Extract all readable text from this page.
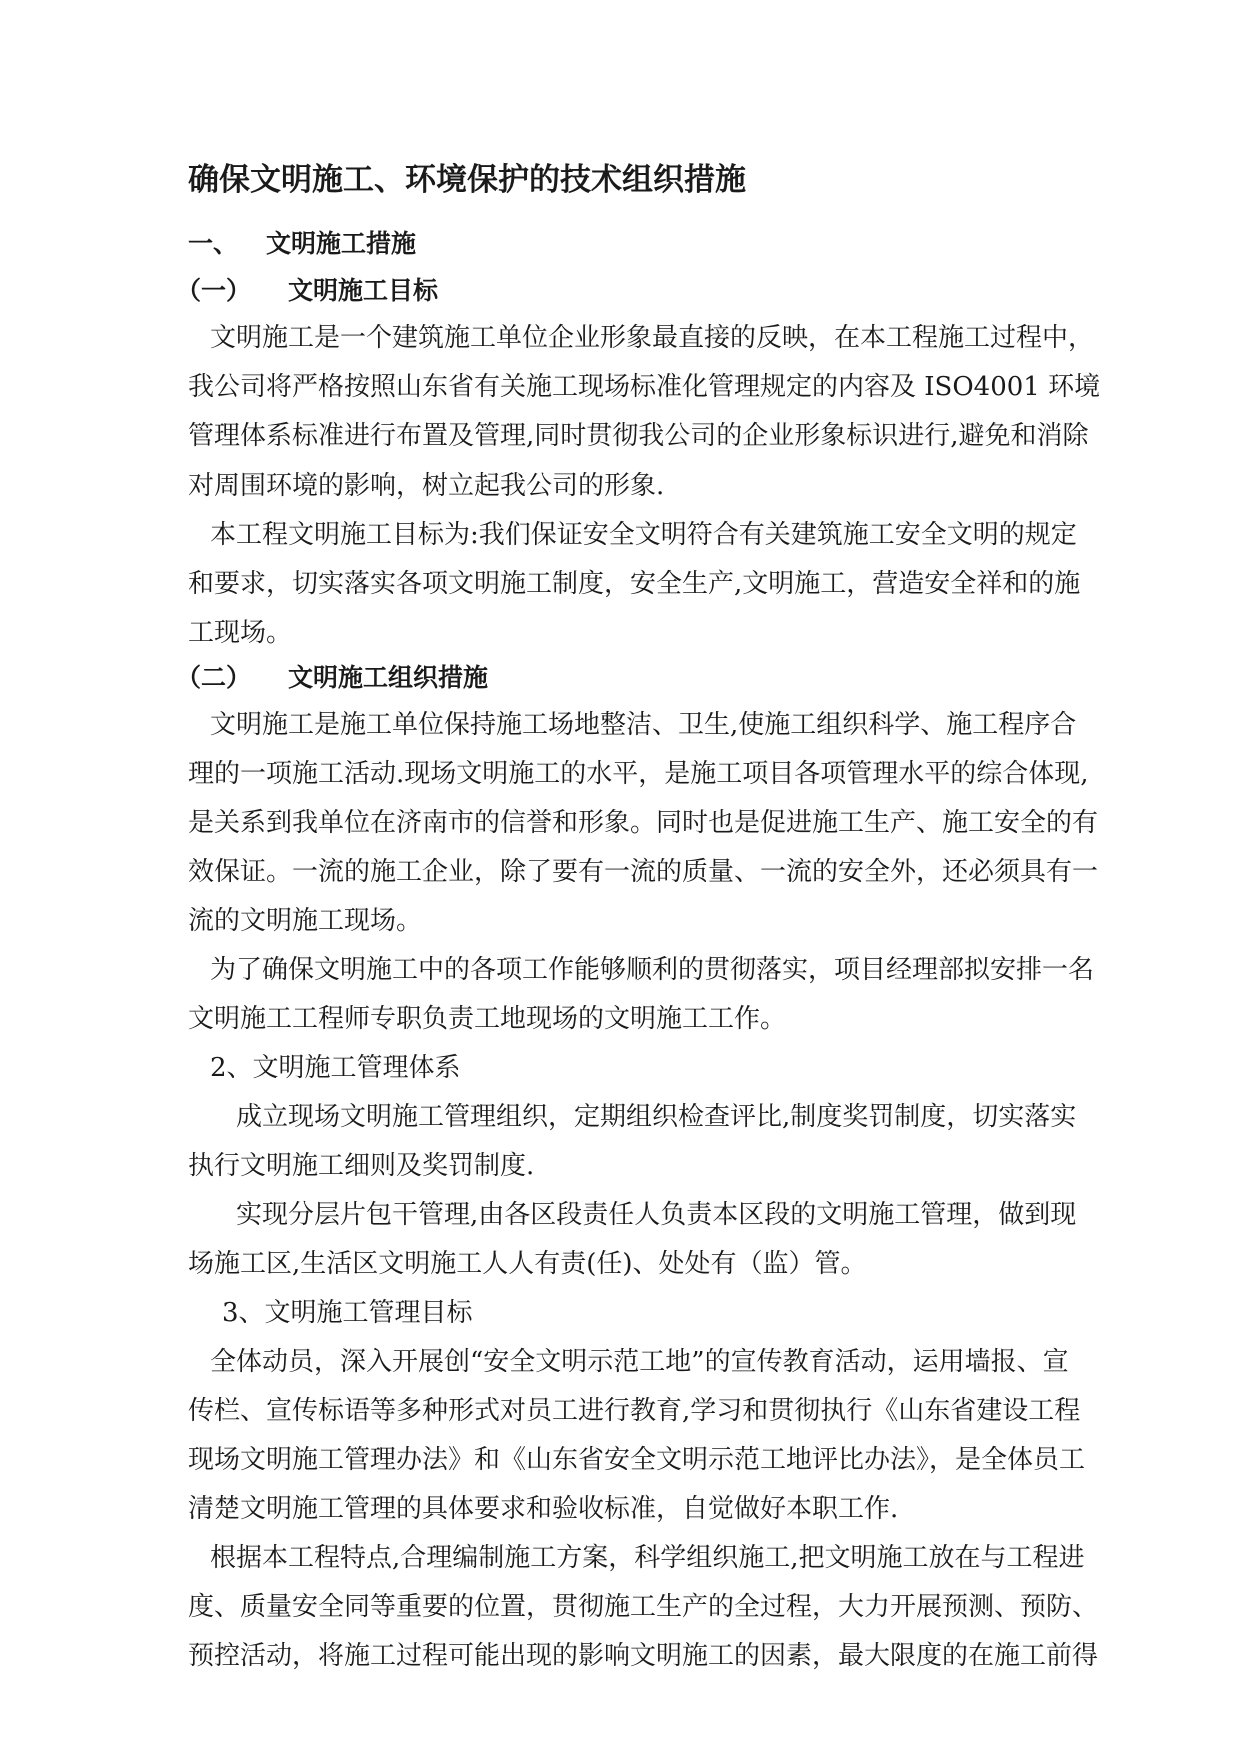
确保文明施工、环境保护的技术组织措施
一、 文明施工措施
（一） 文明施工目标
文明施工是一个建筑施工单位企业形象最直接的反映，在本工程施工过程中，
我公司将严格按照山东省有关施工现场标准化管理规定的内容及 ISO4001 环境
管理体系标准进行布置及管理,同时贯彻我公司的企业形象标识进行,避免和消除
对周围环境的影响，树立起我公司的形象.
本工程文明施工目标为:我们保证安全文明符合有关建筑施工安全文明的规定
和要求，切实落实各项文明施工制度，安全生产,文明施工，营造安全祥和的施
工现场。
（二） 文明施工组织措施
文明施工是施工单位保持施工场地整洁、卫生,使施工组织科学、施工程序合
理的一项施工活动.现场文明施工的水平，是施工项目各项管理水平的综合体现,
是关系到我单位在济南市的信誉和形象。同时也是促进施工生产、施工安全的有
效保证。一流的施工企业，除了要有一流的质量、一流的安全外，还必须具有一
流的文明施工现场。
为了确保文明施工中的各项工作能够顺利的贯彻落实，项目经理部拟安排一名
文明施工工程师专职负责工地现场的文明施工工作。
2、文明施工管理体系
成立现场文明施工管理组织，定期组织检查评比,制度奖罚制度，切实落实
执行文明施工细则及奖罚制度.
实现分层片包干管理,由各区段责任人负责本区段的文明施工管理，做到现
场施工区,生活区文明施工人人有责(任)、处处有（监）管。
3、文明施工管理目标
全体动员，深入开展创“安全文明示范工地”的宣传教育活动，运用墙报、宣
传栏、宣传标语等多种形式对员工进行教育,学习和贯彻执行《山东省建设工程
现场文明施工管理办法》和《山东省安全文明示范工地评比办法》，是全体员工
清楚文明施工管理的具体要求和验收标准，自觉做好本职工作.
根据本工程特点,合理编制施工方案，科学组织施工,把文明施工放在与工程进
度、质量安全同等重要的位置，贯彻施工生产的全过程，大力开展预测、预防、
预控活动，将施工过程可能出现的影响文明施工的因素，最大限度的在施工前得
